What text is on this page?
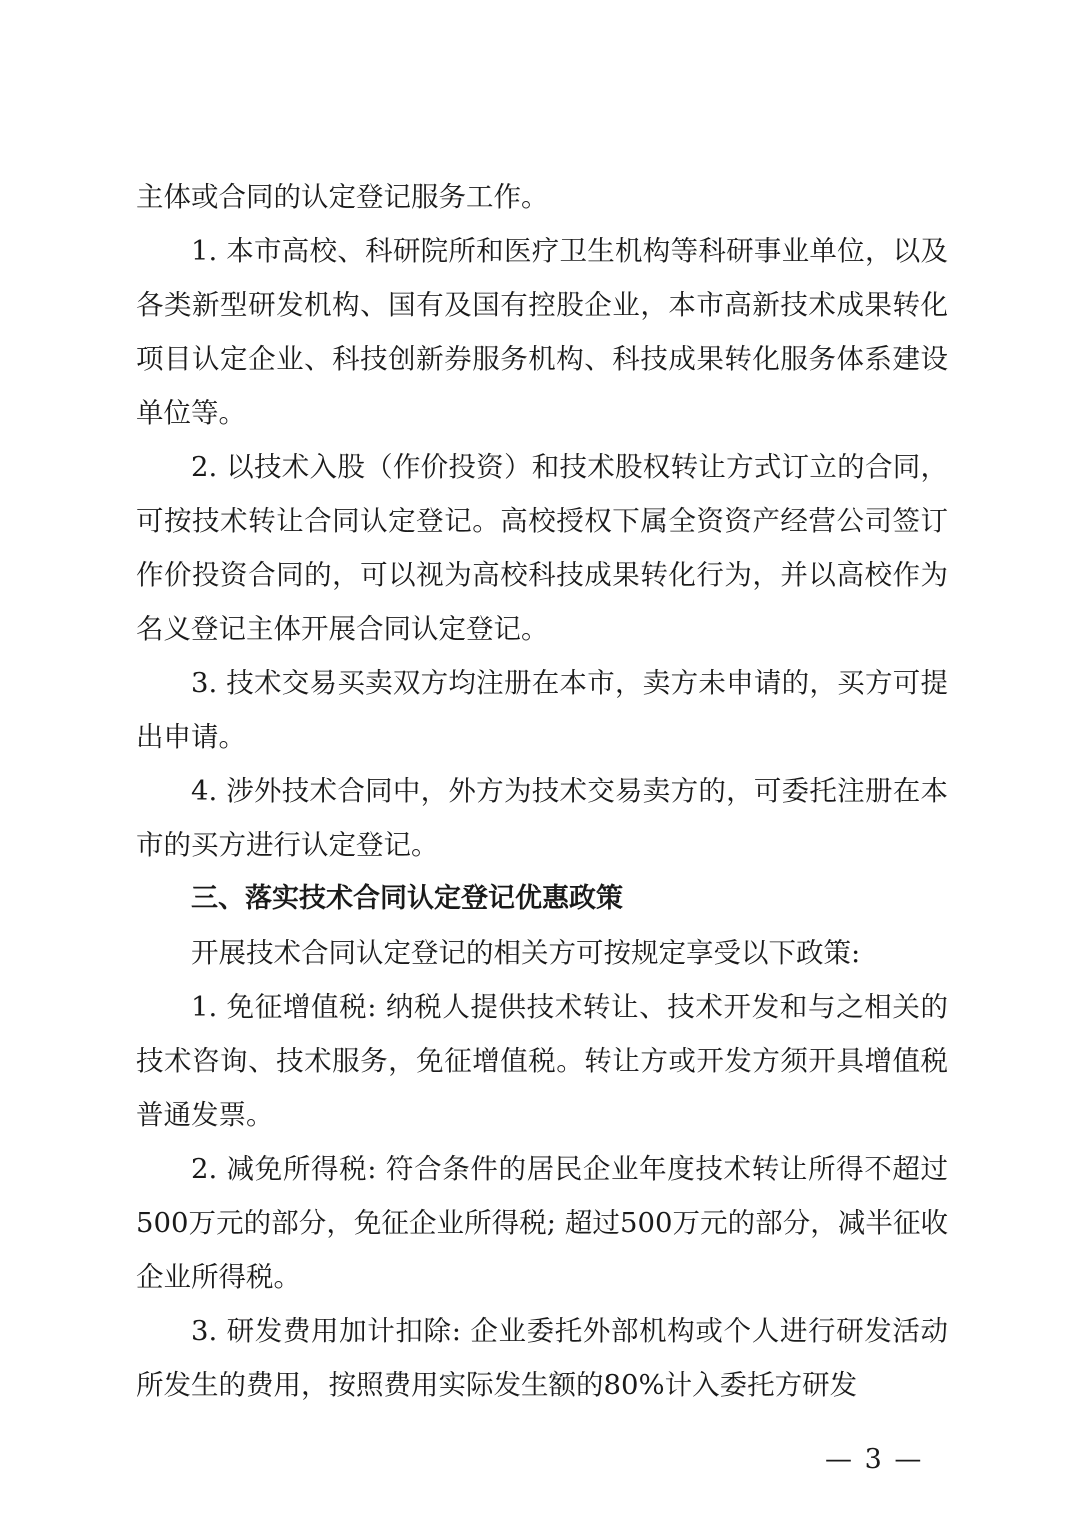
主体或合同的认定登记服务工作。

1. 本市高校、科研院所和医疗卫生机构等科研事业单位，以及各类新型研发机构、国有及国有控股企业，本市高新技术成果转化项目认定企业、科技创新券服务机构、科技成果转化服务体系建设单位等。

2. 以技术入股（作价投资）和技术股权转让方式订立的合同，可按技术转让合同认定登记。高校授权下属全资资产经营公司签订作价投资合同的，可以视为高校科技成果转化行为，并以高校作为名义登记主体开展合同认定登记。

3. 技术交易买卖双方均注册在本市，卖方未申请的，买方可提出申请。

4. 涉外技术合同中，外方为技术交易卖方的，可委托注册在本市的买方进行认定登记。

三、落实技术合同认定登记优惠政策

开展技术合同认定登记的相关方可按规定享受以下政策:

1. 免征增值税: 纳税人提供技术转让、技术开发和与之相关的技术咨询、技术服务，免征增值税。转让方或开发方须开具增值税普通发票。

2. 减免所得税: 符合条件的居民企业年度技术转让所得不超过500万元的部分，免征企业所得税; 超过500万元的部分，减半征收企业所得税。

3. 研发费用加计扣除: 企业委托外部机构或个人进行研发活动所发生的费用，按照费用实际发生额的80%计入委托方研发

— 3 —
